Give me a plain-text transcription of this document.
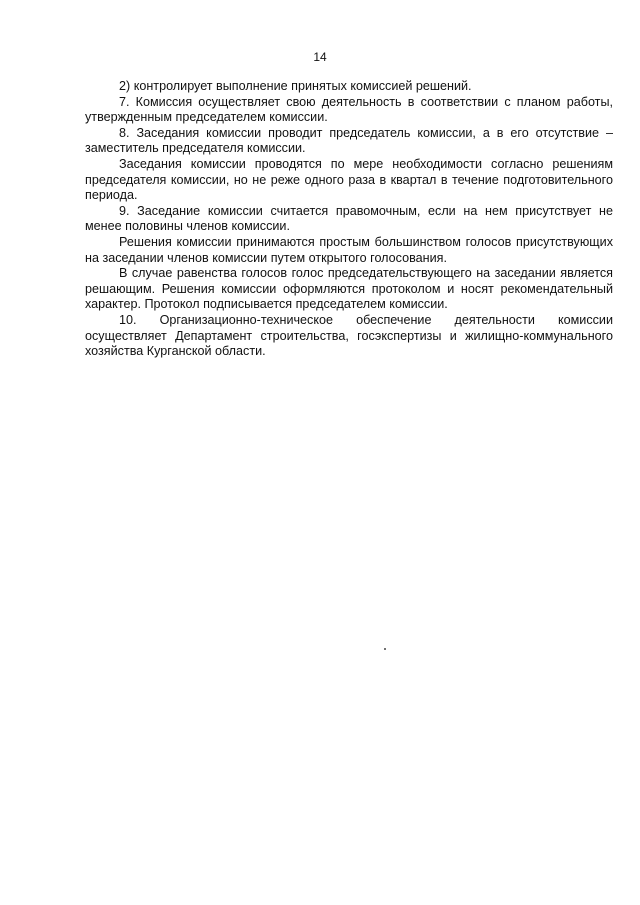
14

2) контролирует выполнение принятых комиссией решений.

7. Комиссия осуществляет свою деятельность в соответствии с планом работы, утвержденным председателем комиссии.

8. Заседания комиссии проводит председатель комиссии, а в его отсутствие – заместитель председателя комиссии.

Заседания комиссии проводятся по мере необходимости согласно решениям председателя комиссии, но не реже одного раза в квартал в течение подготовительного периода.

9. Заседание комиссии считается правомочным, если на нем присутствует не менее половины членов комиссии.

Решения комиссии принимаются простым большинством голосов присутствующих на заседании членов комиссии путем открытого голосования.

В случае равенства голосов голос председательствующего на заседании является решающим. Решения комиссии оформляются протоколом и носят рекомендательный характер. Протокол подписывается председателем комиссии.

10. Организационно-техническое обеспечение деятельности комиссии осуществляет Департамент строительства, госэкспертизы и жилищно-коммунального хозяйства Курганской области.
